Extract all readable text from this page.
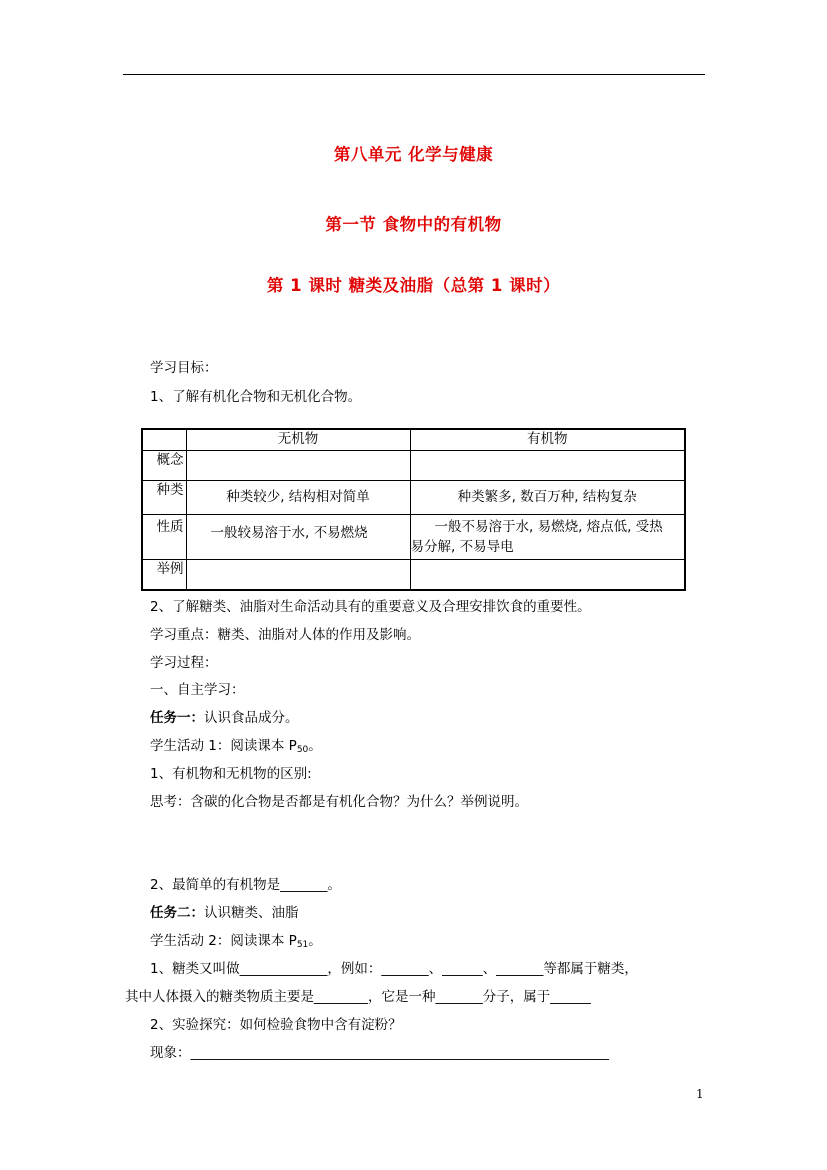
第八单元 化学与健康
第一节 食物中的有机物
第 1 课时 糖类及油脂（总第 1 课时）
学习目标：
1、了解有机化合物和无机化合物。
	无机物	有机物
概念		
种类	种类较少, 结构相对简单	种类繁多, 数百万种, 结构复杂
性质	一般较易溶于水, 不易燃烧	一般不易溶于水, 易燃烧, 熔点低, 受热
易分解, 不易导电

举例		
2、了解糖类、油脂对生命活动具有的重要意义及合理安排饮食的重要性。
学习重点：糖类、油脂对人体的作用及影响。
学习过程：
一、自主学习：
任务一：认识食品成分。
学生活动 1：阅读课本 $P_{50}$。
1、有机物和无机物的区别:
思考：含碳的化合物是否都是有机化合物？为什么？举例说明。
2、最简单的有机物是_______。
任务二：认识糖类、油脂
学生活动 2：阅读课本 $P_{51}$。
1、糖类又叫做_____________，例如：_______、______、_______等都属于糖类，
其中人体摄入的糖类物质主要是________，它是一种_______分子，属于______
2、实验探究：如何检验食物中含有淀粉？
现象：______________________________________________________________
1
